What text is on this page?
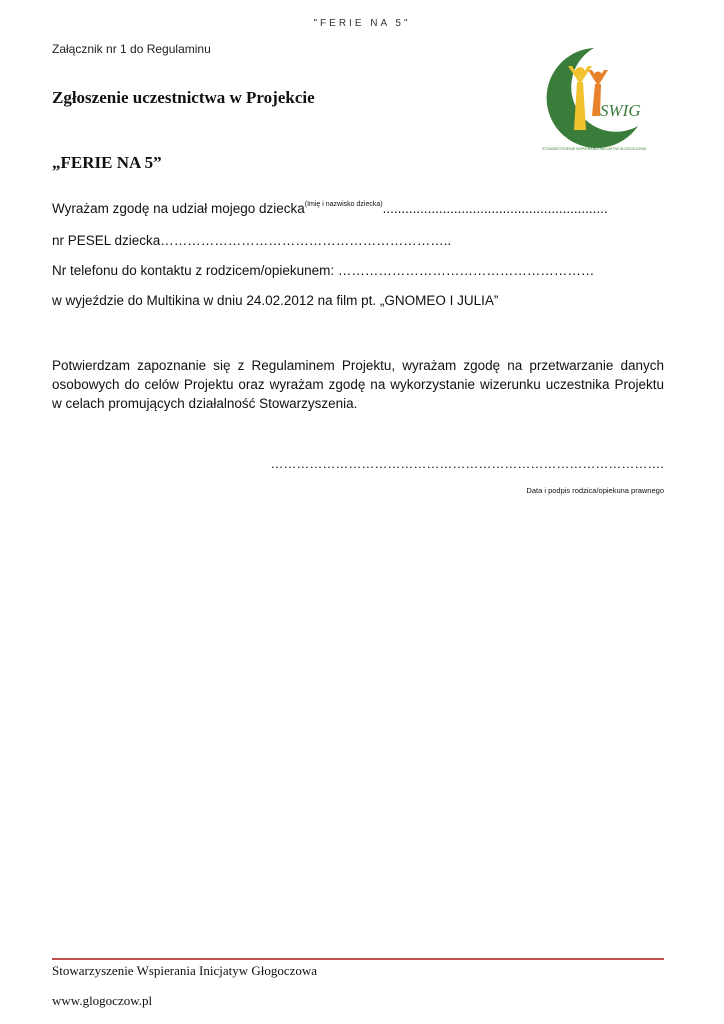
"FERIE NA 5"
Załącznik nr 1 do Regulaminu
Zgłoszenie uczestnictwa w Projekcie
„FERIE NA 5”
Wyrażam zgodę na udział mojego dziecka$^{(Imię i nazwisko dziecka)}$............................................................
nr PESEL dziecka………………………………………………………..
Nr telefonu do kontaktu z rodzicem/opiekunem: …………………………………………………
w wyjeździe do Multikina w dniu 24.02.2012 na film pt. „GNOMEO I JULIA”
Potwierdzam zapoznanie się z Regulaminem Projektu, wyrażam zgodę na przetwarzanie danych osobowych do celów Projektu oraz wyrażam zgodę na wykorzystanie wizerunku uczestnika Projektu w celach promujących działalność Stowarzyszenia.
……………………………………………………………………………….
Data i podpis rodzica/opiekuna prawnego
SWIG
STOWARZYSZENIE WSPIERANIA INICJATYW GŁOGOCZOWA
Stowarzyszenie Wspierania Inicjatyw Głogoczowa
www.glogoczow.pl
